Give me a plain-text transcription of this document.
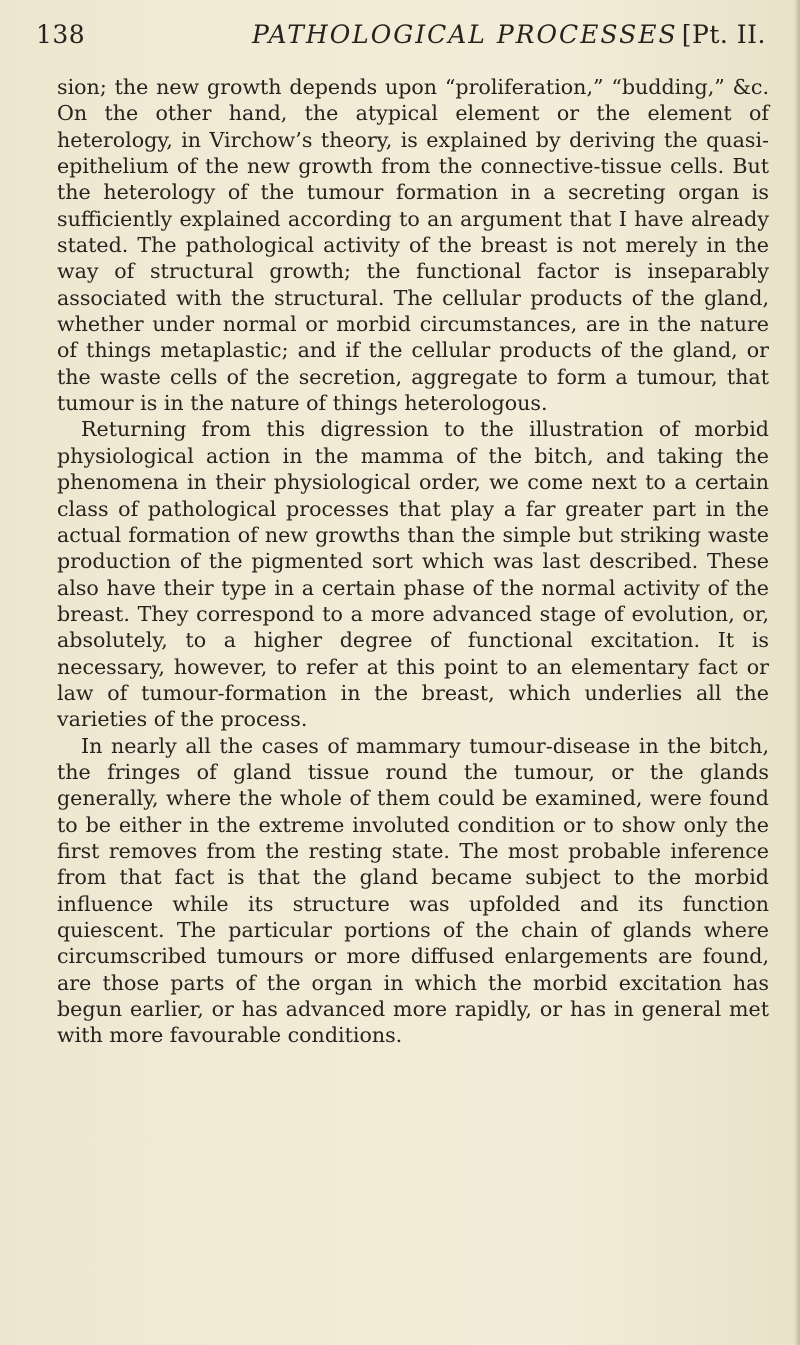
138	PATHOLOGICAL PROCESSES [Pt. II.

sion; the new growth depends upon “proliferation,” “budding,” &c. On the other hand, the atypical element or the element of heterology, in Virchow’s theory, is explained by deriving the quasi-epithelium of the new growth from the connective-tissue cells. But the heterology of the tumour formation in a secreting organ is sufficiently explained according to an argument that I have already stated. The pathological activity of the breast is not merely in the way of structural growth; the functional factor is inseparably associated with the structural. The cellular products of the gland, whether under normal or morbid circumstances, are in the nature of things metaplastic; and if the cellular products of the gland, or the waste cells of the secretion, aggregate to form a tumour, that tumour is in the nature of things heterologous.

Returning from this digression to the illustration of morbid physiological action in the mamma of the bitch, and taking the phenomena in their physiological order, we come next to a certain class of pathological processes that play a far greater part in the actual formation of new growths than the simple but striking waste production of the pigmented sort which was last described. These also have their type in a certain phase of the normal activity of the breast. They correspond to a more advanced stage of evolution, or, absolutely, to a higher degree of functional excitation. It is necessary, however, to refer at this point to an elementary fact or law of tumour-formation in the breast, which underlies all the varieties of the process.

In nearly all the cases of mammary tumour-disease in the bitch, the fringes of gland tissue round the tumour, or the glands generally, where the whole of them could be examined, were found to be either in the extreme involuted condition or to show only the first removes from the resting state. The most probable inference from that fact is that the gland became subject to the morbid influence while its structure was upfolded and its function quiescent. The particular portions of the chain of glands where circumscribed tumours or more diffused enlargements are found, are those parts of the organ in which the morbid excitation has begun earlier, or has advanced more rapidly, or has in general met with more favourable conditions.
